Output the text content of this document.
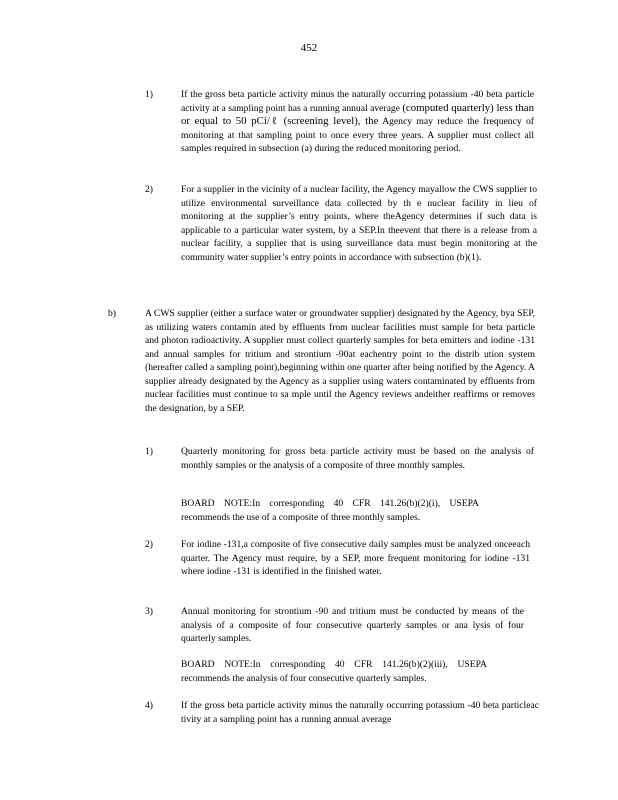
452
1)	If the gross beta particle activity minus the naturally occurring potassium -40 beta particle activity at a sampling point has a running annual average (computed quarterly) less than or equal to 50 pCi/ℓ (screening level), the Agency may reduce the frequency of monitoring at that sampling point to once every three years. A supplier must collect all samples required in subsection (a) during the reduced monitoring period.
2)	For a supplier in the vicinity of a nuclear facility, the Agency mayallow the CWS supplier to utilize environmental surveillance data collected by th e nuclear facility in lieu of monitoring at the supplier’s entry points, where theAgency determines if such data is applicable to a particular water system, by a SEP.In theevent that there is a release from a nuclear facility, a supplier that is using surveillance data must begin monitoring at the community water supplier’s entry points in accordance with subsection (b)(1).
b)	A CWS supplier (either a surface water or groundwater supplier) designated by the Agency, bya SEP, as utilizing waters contamin ated by effluents from nuclear facilities must sample for beta particle and photon radioactivity. A supplier must collect quarterly samples for beta emitters and iodine -131 and annual samples for tritium and strontium -90at eachentry point to the distrib ution system (hereafter called a sampling point),beginning within one quarter after being notified by the Agency. A supplier already designated by the Agency as a supplier using waters contaminated by effluents from nuclear facilities must continue to sa mple until the Agency reviews andeither reaffirms or removes the designation, by a SEP.
1)	Quarterly monitoring for gross beta particle activity must be based on the analysis of monthly samples or the analysis of a composite of three monthly samples.
BOARD NOTE:In corresponding 40 CFR 141.26(b)(2)(i), USEPA recommends the use of a composite of three monthly samples.
2)	For iodine -131,a composite of five consecutive daily samples must be analyzed onceeach quarter. The Agency must require, by a SEP, more frequent monitoring for iodine -131 where iodine -131 is identified in the finished water.
3)	Annual monitoring for strontium -90 and tritium must be conducted by means of the analysis of a composite of four consecutive quarterly samples or ana lysis of four quarterly samples.
BOARD NOTE:In corresponding 40 CFR 141.26(b)(2)(iii), USEPA recommends the analysis of four consecutive quarterly samples.
4)	If the gross beta particle activity minus the naturally occurring potassium -40 beta particleac tivity at a sampling point has a running annual average
